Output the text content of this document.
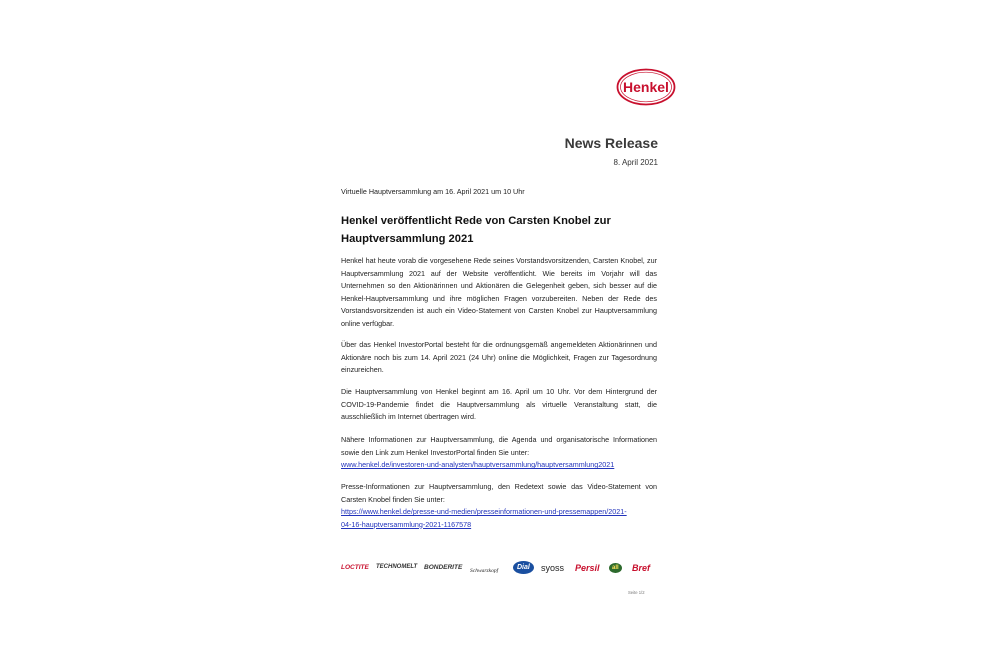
Henkel
News Release
8. April 2021
Virtuelle Hauptversammlung am 16. April 2021 um 10 Uhr
Henkel veröffentlicht Rede von Carsten Knobel zur
Hauptversammlung 2021
Henkel hat heute vorab die vorgesehene Rede seines Vorstandsvorsitzenden, Carsten Knobel, zur Hauptversammlung 2021 auf der Website veröffentlicht. Wie bereits im Vorjahr will das Unternehmen so den Aktionärinnen und Aktionären die Gelegenheit geben, sich besser auf die Henkel-Hauptversammlung und ihre möglichen Fragen vorzubereiten. Neben der Rede des Vorstandsvorsitzenden ist auch ein Video-Statement von Carsten Knobel zur Hauptversammlung online verfügbar.
Über das Henkel InvestorPortal besteht für die ordnungsgemäß angemeldeten Aktionärinnen und Aktionäre noch bis zum 14. April 2021 (24 Uhr) online die Möglichkeit, Fragen zur Tagesordnung einzureichen.
Die Hauptversammlung von Henkel beginnt am 16. April um 10 Uhr. Vor dem Hintergrund der COVID-19-Pandemie findet die Hauptversammlung als virtuelle Veranstaltung statt, die ausschließlich im Internet übertragen wird.
Nähere Informationen zur Hauptversammlung, die Agenda und organisatorische Informationen sowie den Link zum Henkel InvestorPortal finden Sie unter:
www.henkel.de/investoren-und-analysten/hauptversammlung/hauptversammlung2021
Presse-Informationen zur Hauptversammlung, den Redetext sowie das Video-Statement von Carsten Knobel finden Sie unter:
https://www.henkel.de/presse-und-medien/presseinformationen-und-pressemappen/2021-
04-16-hauptversammlung-2021-1167578
LOCTITE TECHNOMELT BONDERITE Schwarzkopf	Dial	syoss Persil	all	Bref
Seite 1/2
